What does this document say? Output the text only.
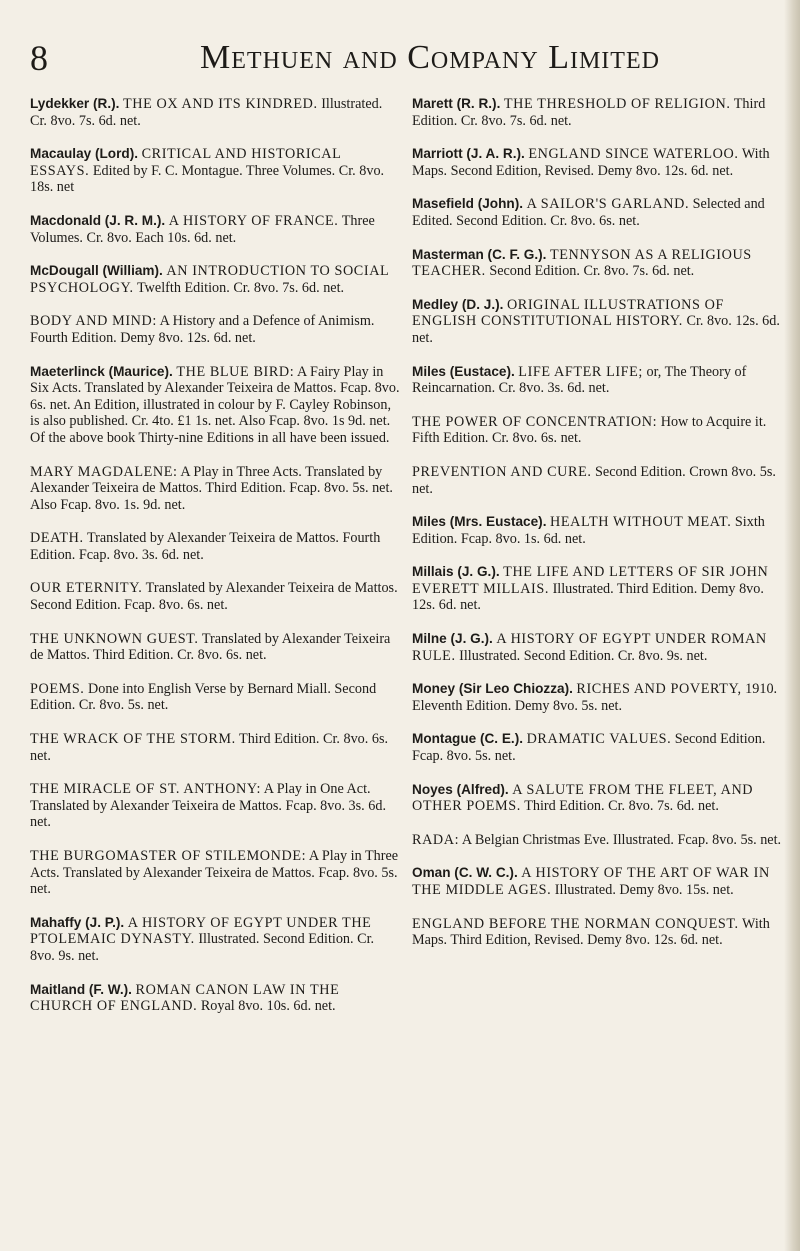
8	Methuen and Company Limited

Lydekker (R.). THE OX AND ITS KINDRED. Illustrated. Cr. 8vo. 7s. 6d. net.

Macaulay (Lord). CRITICAL AND HISTORICAL ESSAYS. Edited by F. C. Montague. Three Volumes. Cr. 8vo. 18s. net

Macdonald (J. R. M.). A HISTORY OF FRANCE. Three Volumes. Cr. 8vo. Each 10s. 6d. net.

McDougall (William). AN INTRODUCTION TO SOCIAL PSYCHOLOGY. Twelfth Edition. Cr. 8vo. 7s. 6d. net.

BODY AND MIND: A History and a Defence of Animism. Fourth Edition. Demy 8vo. 12s. 6d. net.

Maeterlinck (Maurice). THE BLUE BIRD: A Fairy Play in Six Acts. Translated by Alexander Teixeira de Mattos. Fcap. 8vo. 6s. net. An Edition, illustrated in colour by F. Cayley Robinson, is also published. Cr. 4to. £1 1s. net. Also Fcap. 8vo. 1s 9d. net. Of the above book Thirty-nine Editions in all have been issued.

MARY MAGDALENE: A Play in Three Acts. Translated by Alexander Teixeira de Mattos. Third Edition. Fcap. 8vo. 5s. net. Also Fcap. 8vo. 1s. 9d. net.

DEATH. Translated by Alexander Teixeira de Mattos. Fourth Edition. Fcap. 8vo. 3s. 6d. net.

OUR ETERNITY. Translated by Alexander Teixeira de Mattos. Second Edition. Fcap. 8vo. 6s. net.

THE UNKNOWN GUEST. Translated by Alexander Teixeira de Mattos. Third Edition. Cr. 8vo. 6s. net.

POEMS. Done into English Verse by Bernard Miall. Second Edition. Cr. 8vo. 5s. net.

THE WRACK OF THE STORM. Third Edition. Cr. 8vo. 6s. net.

THE MIRACLE OF ST. ANTHONY: A Play in One Act. Translated by Alexander Teixeira de Mattos. Fcap. 8vo. 3s. 6d. net.

THE BURGOMASTER OF STILEMONDE: A Play in Three Acts. Translated by Alexander Teixeira de Mattos. Fcap. 8vo. 5s. net.

Mahaffy (J. P.). A HISTORY OF EGYPT UNDER THE PTOLEMAIC DYNASTY. Illustrated. Second Edition. Cr. 8vo. 9s. net.

Maitland (F. W.). ROMAN CANON LAW IN THE CHURCH OF ENGLAND. Royal 8vo. 10s. 6d. net.

Marett (R. R.). THE THRESHOLD OF RELIGION. Third Edition. Cr. 8vo. 7s. 6d. net.

Marriott (J. A. R.). ENGLAND SINCE WATERLOO. With Maps. Second Edition, Revised. Demy 8vo. 12s. 6d. net.

Masefield (John). A SAILOR'S GARLAND. Selected and Edited. Second Edition. Cr. 8vo. 6s. net.

Masterman (C. F. G.). TENNYSON AS A RELIGIOUS TEACHER. Second Edition. Cr. 8vo. 7s. 6d. net.

Medley (D. J.). ORIGINAL ILLUSTRATIONS OF ENGLISH CONSTITUTIONAL HISTORY. Cr. 8vo. 12s. 6d. net.

Miles (Eustace). LIFE AFTER LIFE; or, The Theory of Reincarnation. Cr. 8vo. 3s. 6d. net.

THE POWER OF CONCENTRATION: How to Acquire it. Fifth Edition. Cr. 8vo. 6s. net.

PREVENTION AND CURE. Second Edition. Crown 8vo. 5s. net.

Miles (Mrs. Eustace). HEALTH WITHOUT MEAT. Sixth Edition. Fcap. 8vo. 1s. 6d. net.

Millais (J. G.). THE LIFE AND LETTERS OF SIR JOHN EVERETT MILLAIS. Illustrated. Third Edition. Demy 8vo. 12s. 6d. net.

Milne (J. G.). A HISTORY OF EGYPT UNDER ROMAN RULE. Illustrated. Second Edition. Cr. 8vo. 9s. net.

Money (Sir Leo Chiozza). RICHES AND POVERTY, 1910. Eleventh Edition. Demy 8vo. 5s. net.

Montague (C. E.). DRAMATIC VALUES. Second Edition. Fcap. 8vo. 5s. net.

Noyes (Alfred). A SALUTE FROM THE FLEET, AND OTHER POEMS. Third Edition. Cr. 8vo. 7s. 6d. net.

RADA: A Belgian Christmas Eve. Illustrated. Fcap. 8vo. 5s. net.

Oman (C. W. C.). A HISTORY OF THE ART OF WAR IN THE MIDDLE AGES. Illustrated. Demy 8vo. 15s. net.

ENGLAND BEFORE THE NORMAN CONQUEST. With Maps. Third Edition, Revised. Demy 8vo. 12s. 6d. net.
